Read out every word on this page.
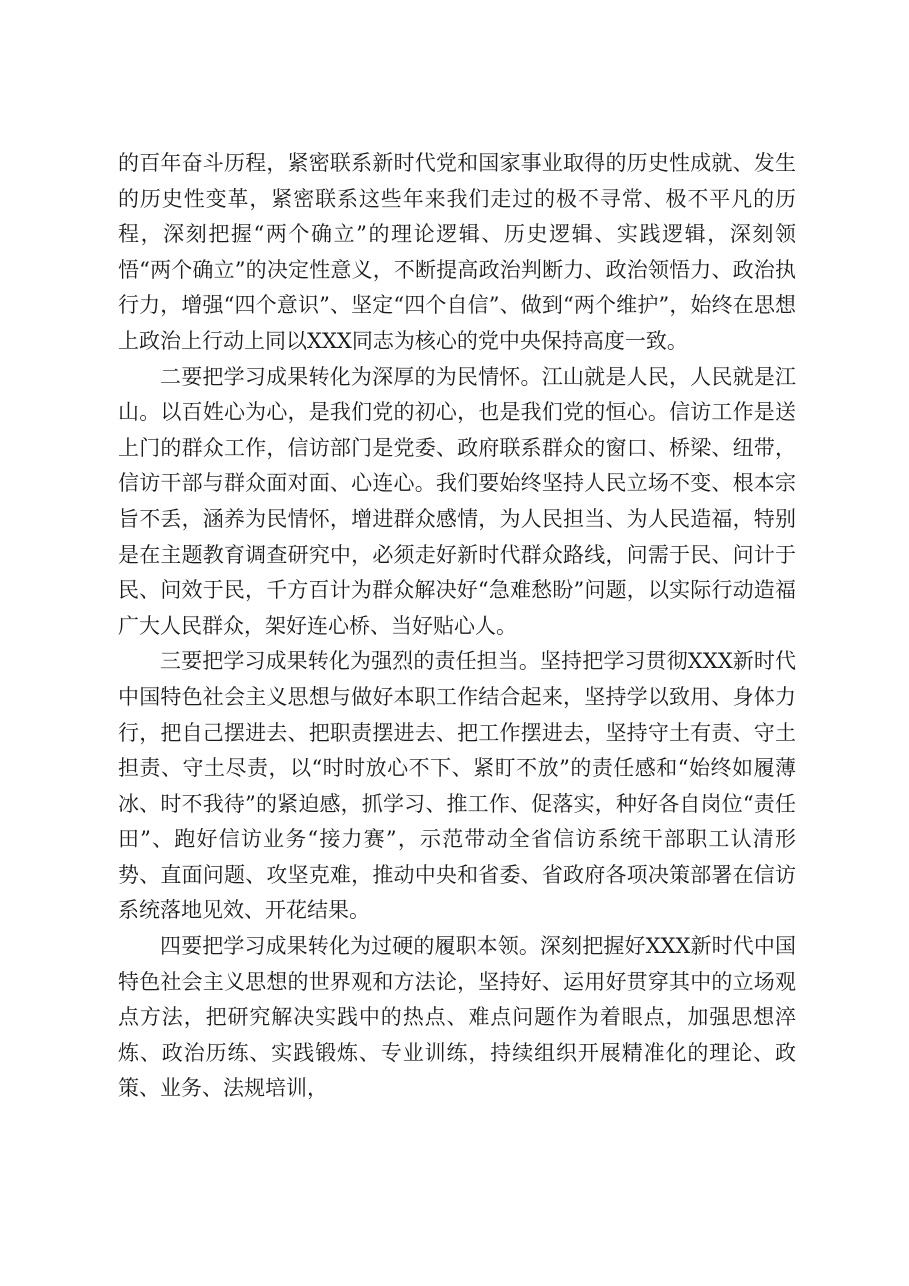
的百年奋斗历程，紧密联系新时代党和国家事业取得的历史性成就、发生的历史性变革，紧密联系这些年来我们走过的极不寻常、极不平凡的历程，深刻把握“两个确立”的理论逻辑、历史逻辑、实践逻辑，深刻领悟“两个确立”的决定性意义，不断提高政治判断力、政治领悟力、政治执行力，增强“四个意识”、坚定“四个自信”、做到“两个维护”，始终在思想上政治上行动上同以XXX同志为核心的党中央保持高度一致。

二要把学习成果转化为深厚的为民情怀。江山就是人民，人民就是江山。以百姓心为心，是我们党的初心，也是我们党的恒心。信访工作是送上门的群众工作，信访部门是党委、政府联系群众的窗口、桥梁、纽带，信访干部与群众面对面、心连心。我们要始终坚持人民立场不变、根本宗旨不丢，涵养为民情怀，增进群众感情，为人民担当、为人民造福，特别是在主题教育调查研究中，必须走好新时代群众路线，问需于民、问计于民、问效于民，千方百计为群众解决好“急难愁盼”问题，以实际行动造福广大人民群众，架好连心桥、当好贴心人。

三要把学习成果转化为强烈的责任担当。坚持把学习贯彻XXX新时代中国特色社会主义思想与做好本职工作结合起来，坚持学以致用、身体力行，把自己摆进去、把职责摆进去、把工作摆进去，坚持守土有责、守土担责、守土尽责，以“时时放心不下、紧盯不放”的责任感和“始终如履薄冰、时不我待”的紧迫感，抓学习、推工作、促落实，种好各自岗位“责任田”、跑好信访业务“接力赛”，示范带动全省信访系统干部职工认清形势、直面问题、攻坚克难，推动中央和省委、省政府各项决策部署在信访系统落地见效、开花结果。

四要把学习成果转化为过硬的履职本领。深刻把握好XXX新时代中国特色社会主义思想的世界观和方法论，坚持好、运用好贯穿其中的立场观点方法，把研究解决实践中的热点、难点问题作为着眼点，加强思想淬炼、政治历练、实践锻炼、专业训练，持续组织开展精准化的理论、政策、业务、法规培训，
